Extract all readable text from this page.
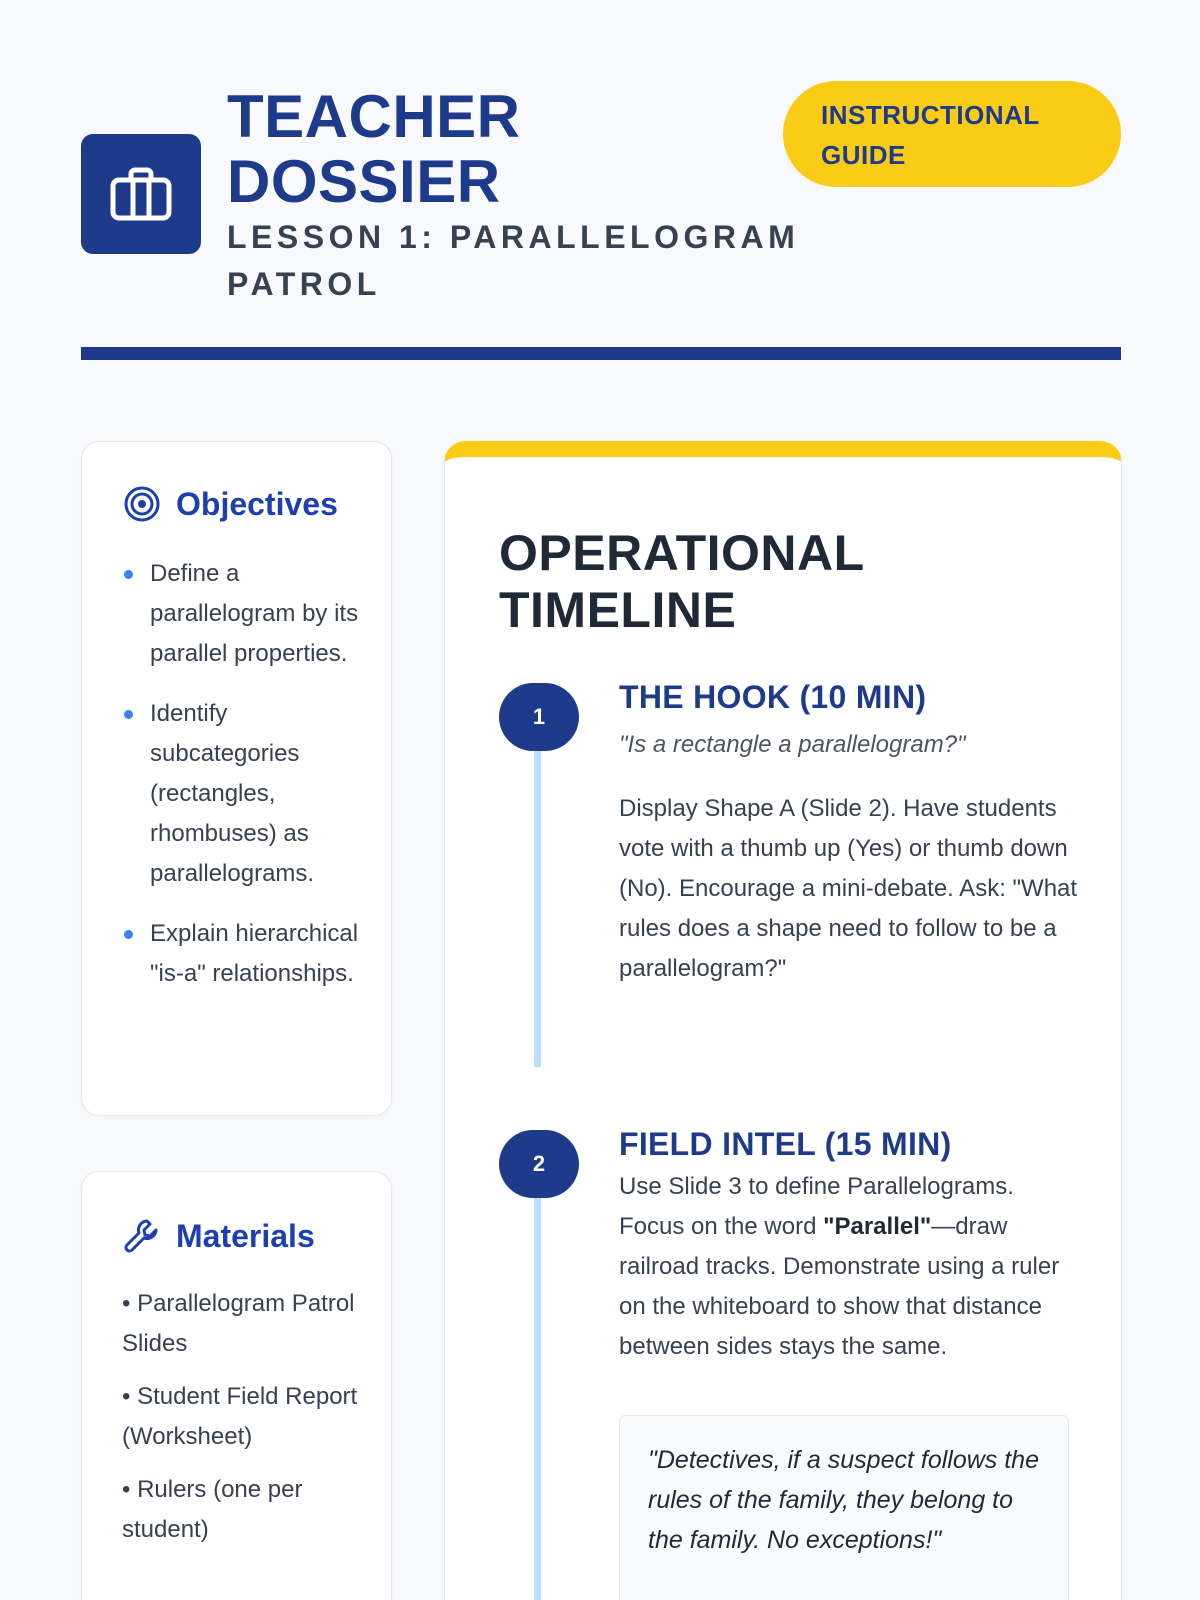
TEACHER DOSSIER
LESSON 1: PARALLELOGRAM PATROL
INSTRUCTIONAL GUIDE
Objectives
Define a parallelogram by its parallel properties.
Identify subcategories (rectangles, rhombuses) as parallelograms.
Explain hierarchical "is-a" relationships.
Materials
• Parallelogram Patrol Slides
• Student Field Report (Worksheet)
• Rulers (one per student)
OPERATIONAL TIMELINE
1
THE HOOK (10 MIN)

"Is a rectangle a parallelogram?"

Display Shape A (Slide 2). Have students vote with a thumb up (Yes) or thumb down (No). Encourage a mini-debate. Ask: "What rules does a shape need to follow to be a parallelogram?"

2
FIELD INTEL (15 MIN)

Use Slide 3 to define Parallelograms. Focus on the word "Parallel"—draw railroad tracks. Demonstrate using a ruler on the whiteboard to show that distance between sides stays the same.

"Detectives, if a suspect follows the rules of the family, they belong to the family. No exceptions!"
